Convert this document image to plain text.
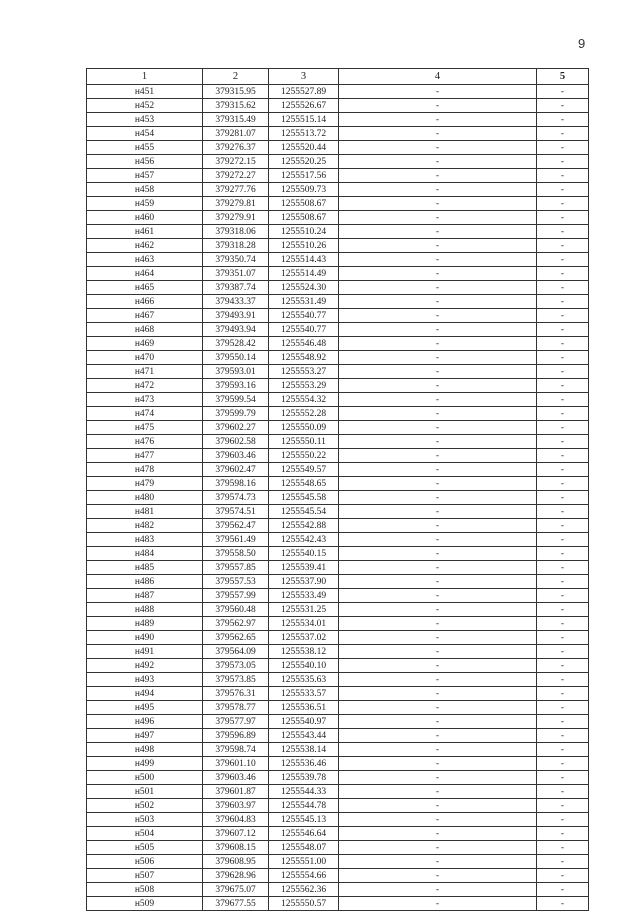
9
1	2	3	4	5
н451	379315.95	1255527.89	-	-
н452	379315.62	1255526.67	-	-
н453	379315.49	1255515.14	-	-
н454	379281.07	1255513.72	-	-
н455	379276.37	1255520.44	-	-
н456	379272.15	1255520.25	-	-
н457	379272.27	1255517.56	-	-
н458	379277.76	1255509.73	-	-
н459	379279.81	1255508.67	-	-
н460	379279.91	1255508.67	-	-
н461	379318.06	1255510.24	-	-
н462	379318.28	1255510.26	-	-
н463	379350.74	1255514.43	-	-
н464	379351.07	1255514.49	-	-
н465	379387.74	1255524.30	-	-
н466	379433.37	1255531.49	-	-
н467	379493.91	1255540.77	-	-
н468	379493.94	1255540.77	-	-
н469	379528.42	1255546.48	-	-
н470	379550.14	1255548.92	-	-
н471	379593.01	1255553.27	-	-
н472	379593.16	1255553.29	-	-
н473	379599.54	1255554.32	-	-
н474	379599.79	1255552.28	-	-
н475	379602.27	1255550.09	-	-
н476	379602.58	1255550.11	-	-
н477	379603.46	1255550.22	-	-
н478	379602.47	1255549.57	-	-
н479	379598.16	1255548.65	-	-
н480	379574.73	1255545.58	-	-
н481	379574.51	1255545.54	-	-
н482	379562.47	1255542.88	-	-
н483	379561.49	1255542.43	-	-
н484	379558.50	1255540.15	-	-
н485	379557.85	1255539.41	-	-
н486	379557.53	1255537.90	-	-
н487	379557.99	1255533.49	-	-
н488	379560.48	1255531.25	-	-
н489	379562.97	1255534.01	-	-
н490	379562.65	1255537.02	-	-
н491	379564.09	1255538.12	-	-
н492	379573.05	1255540.10	-	-
н493	379573.85	1255535.63	-	-
н494	379576.31	1255533.57	-	-
н495	379578.77	1255536.51	-	-
н496	379577.97	1255540.97	-	-
н497	379596.89	1255543.44	-	-
н498	379598.74	1255538.14	-	-
н499	379601.10	1255536.46	-	-
н500	379603.46	1255539.78	-	-
н501	379601.87	1255544.33	-	-
н502	379603.97	1255544.78	-	-
н503	379604.83	1255545.13	-	-
н504	379607.12	1255546.64	-	-
н505	379608.15	1255548.07	-	-
н506	379608.95	1255551.00	-	-
н507	379628.96	1255554.66	-	-
н508	379675.07	1255562.36	-	-
н509	379677.55	1255550.57	-	-
